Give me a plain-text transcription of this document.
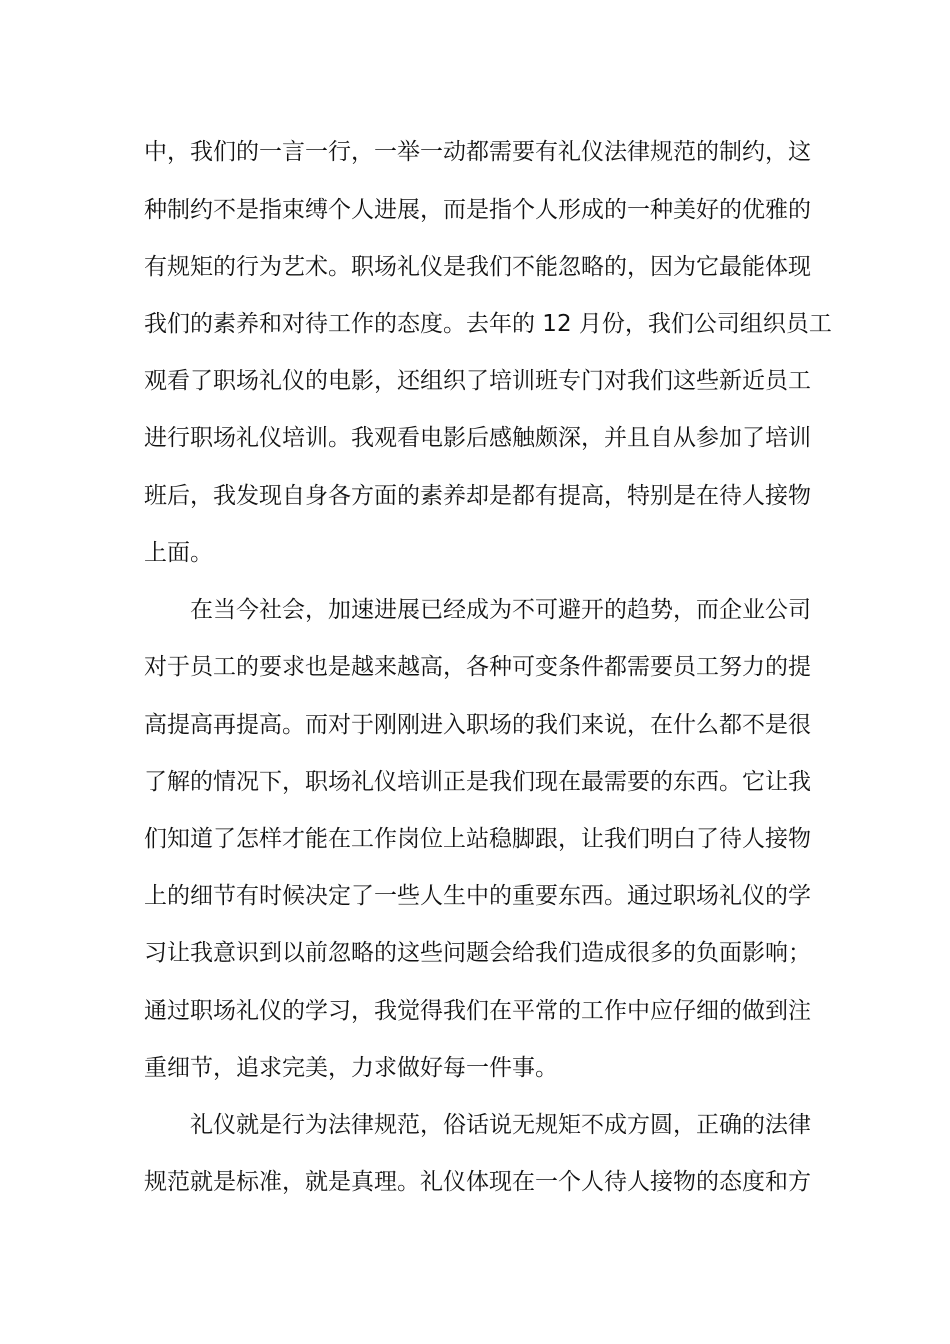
中，我们的一言一行，一举一动都需要有礼仪法律规范的制约，这
种制约不是指束缚个人进展，而是指个人形成的一种美好的优雅的
有规矩的行为艺术。职场礼仪是我们不能忽略的，因为它最能体现
我们的素养和对待工作的态度。去年的 12 月份，我们公司组织员工
观看了职场礼仪的电影，还组织了培训班专门对我们这些新近员工
进行职场礼仪培训。我观看电影后感触颇深，并且自从参加了培训
班后，我发现自身各方面的素养却是都有提高，特别是在待人接物
上面。
在当今社会，加速进展已经成为不可避开的趋势，而企业公司
对于员工的要求也是越来越高，各种可变条件都需要员工努力的提
高提高再提高。而对于刚刚进入职场的我们来说，在什么都不是很
了解的情况下，职场礼仪培训正是我们现在最需要的东西。它让我
们知道了怎样才能在工作岗位上站稳脚跟，让我们明白了待人接物
上的细节有时候决定了一些人生中的重要东西。通过职场礼仪的学
习让我意识到以前忽略的这些问题会给我们造成很多的负面影响；
通过职场礼仪的学习，我觉得我们在平常的工作中应仔细的做到注
重细节，追求完美，力求做好每一件事。
礼仪就是行为法律规范，俗话说无规矩不成方圆，正确的法律
规范就是标准，就是真理。礼仪体现在一个人待人接物的态度和方
